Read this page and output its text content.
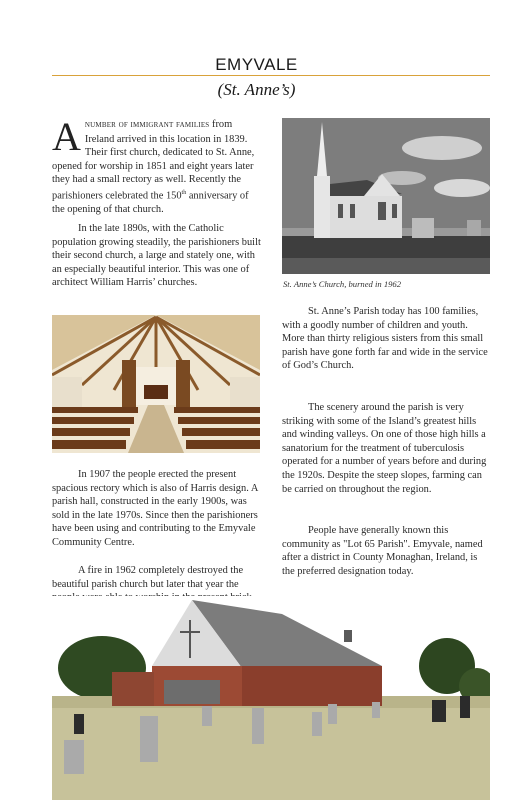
EMYVALE
(St. Anne’s)

Anumber of immigrant families from Ireland arrived in this location in 1839. Their first church, dedicated to St. Anne, opened for worship in 1851 and eight years later they had a small rectory as well. Recently the parishioners celebrated the 150th anniversary of the opening of that church.

In the late 1890s, with the Catholic population growing steadily, the parishioners built their second church, a large and stately one, with an especially beautiful interior. This was one of architect William Harris’ churches.
In 1907 the people erected the present spacious rectory which is also of Harris design. A parish hall, constructed in the early 1900s, was sold in the late 1970s. Since then the parishioners have been using and contributing to the Emyvale Community Centre.
A fire in 1962 completely destroyed the beautiful parish church but later that year the
St. Anne’s Church, burned in 1962
St. Anne’s Parish today has 100 families, with a goodly number of children and youth. More than thirty religious sisters from this small parish have gone forth far and wide in the service of God’s Church.
The scenery around the parish is very striking with some of the Island’s greatest hills and winding valleys. On one of those high hills a sanatorium for the treatment of tuberculosis operated for a number of years before and during the 1920s. Despite the steep slopes, farming can be carried on throughout the region.
People have generally known this community as "Lot 65 Parish". Emyvale, named after a district in County Monaghan, Ireland, is the preferred designation today.
